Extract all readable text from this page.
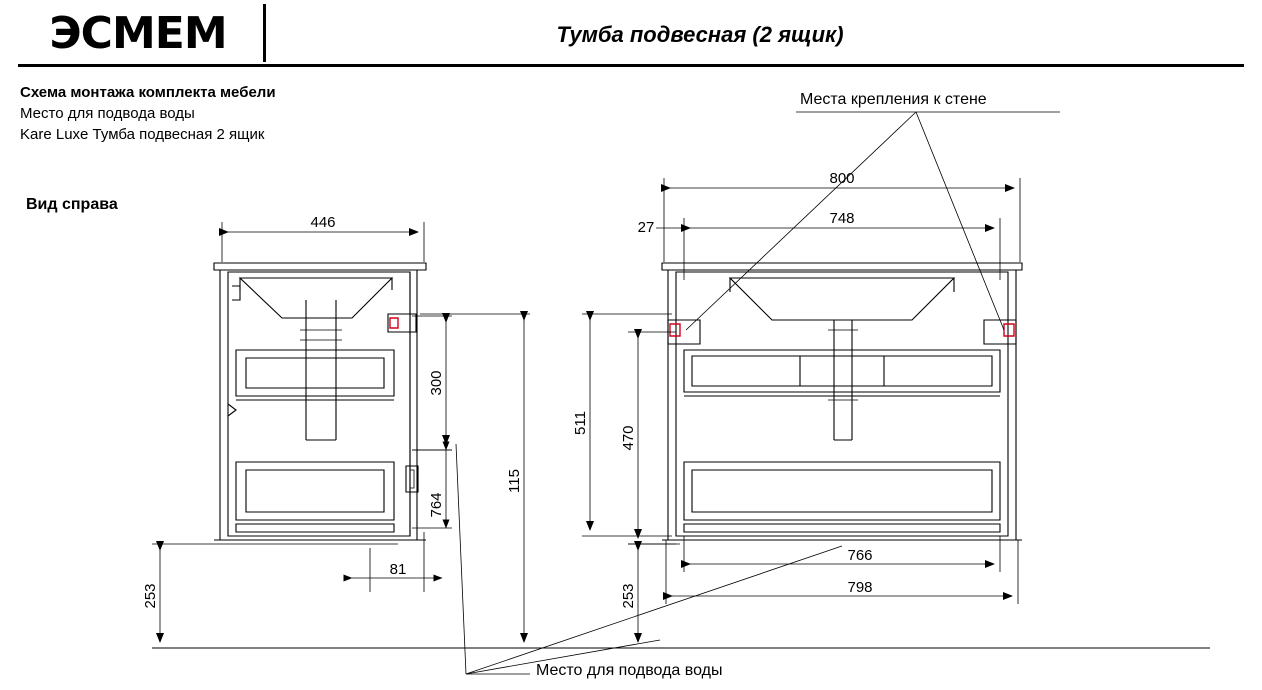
ЭСМЕМ	Тумба подвесная (2 ящик)
Схема монтажа комплекта мебели
Место для подвода воды
Kare Luxe Тумба подвесная 2 ящик
Вид справа
Места крепления к стене
Место для подвода воды
446
300
764
115
253
81
800
748
27
511
470
253
766
798
